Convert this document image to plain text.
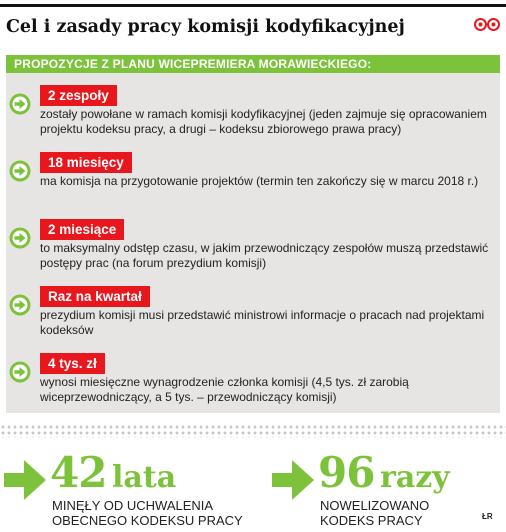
Cel i zasady pracy komisji kodyfikacyjnej
PROPOZYCJE Z PLANU WICEPREMIERA MORAWIECKIEGO:
2 zespoły
zostały powołane w ramach komisji kodyfikacyjnej (jeden zajmuje się opracowaniem projektu kodeksu pracy, a drugi – kodeksu zbiorowego prawa pracy)
18 miesięcy
ma komisja na przygotowanie projektów (termin ten zakończy się w marcu 2018 r.)
2 miesiące
to maksymalny odstęp czasu, w jakim przewodniczący zespołów muszą przedstawić postępy prac (na forum prezydium komisji)
Raz na kwartał
prezydium komisji musi przedstawić ministrowi informacje o pracach nad projektami kodeksów
4 tys. zł
wynosi miesięczne wynagrodzenie członka komisji (4,5 tys. zł zarobią wiceprzewodniczący, a 5 tys. – przewodniczący komisji)
42 lata
MINĘŁY OD UCHWALENIA
OBECNEGO KODEKSU PRACY
96 razy
NOWELIZOWANO
KODEKS PRACY	ŁR
